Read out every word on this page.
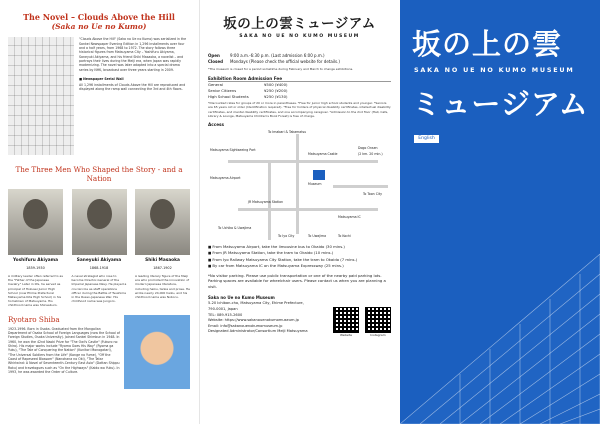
The Novel – Clouds Above the Hill
(Saka no Ue no Kumo)
"Clouds Above the Hill" (Saka no Ue no Kumo) was serialized in the Sankei Newspaper Evening Edition in 1,296 installments over four and a half years, from 1968 to 1972. The story follows three historical figures from Matsuyama City – Yoshifuru Akiyama, Saneyuki Akiyama, and his friend Shiki Masaoka, a novelist – and portrays their lives during the Meiji era, when Japan was rapidly modernizing. The novel was later adapted into a special drama series by NHK, broadcast over three years starting in 2009.
■ Newspaper Serial Wall
All 1,296 installments of Clouds Above the Hill are reproduced and displayed along the ramp wall connecting the 3rd and 4th floors.
The Three Men Who Shaped the Story - and a Nation
Yoshifuru Akiyama
1859-1930
Saneyuki Akiyama
1868-1918
Shiki Masaoka
1867-1902
A military leader often referred to as the "Father of the Japanese Cavalry." Later in life, he served as principal of Hokusei Junior High School (now Ehime Prefectural Matsuyama Kita High School) in his hometown of Matsuyama. His childhood name was Shinsaburo.
A naval strategist who rose to become Director-General of the Imperial Japanese Navy. He played a crucial role as staff operations officer during the Battle of Tsushima in the Russo-Japanese War. His childhood name was Jungoro.
A leading literary figure of the Meiji era who promoted the innovation of modern Japanese literature, including haiku, tanka and prose. He wrote nearly 24,000 haiku, and his childhood name was Noboru.
Ryotaro Shiba
1923-1996. Born in Osaka. Graduated from the Mongolian Department of Osaka School of Foreign Languages (now the School of Foreign Studies, Osaka University). Joined Sankei Shimbun in 1948. In 1960, he won the 42nd Naoki Prize for "The Owl's Castle" (Fukuro no Shiro). His major works include "Ryoma Goes His Way" (Ryoma ga Yuku), "The Tale of Conquering the Nation" (Kunitori Monogatari), "The Universal Soldiers from the Life" (Konge no Yume), "Off the Coast of Rapeseed Blossom" (Nanohana no Oki), "The Tatar Whirlwind: A Novel of Seventeenth-Century East Asia" (Dattan Shippu Roku) and travelogues such as "On the Highways" (Kaido wo Yuku). In 1993, he was awarded the Order of Culture.
坂の上の雲ミュージアム
SAKA NO UE NO KUMO MUSEUM
Open	9:00 a.m.-6:30 p.m. (Last admission 6:00 p.m.)
Closed Mondays (Please check the official website for details.)
*The museum is closed for a period sometime during February and March to change exhibitions.
Exhibition Room Admission Fee
General	¥500 (¥400)
Senior Citizens	¥250 (¥200)
High School Students	¥250 (¥130)
*Discounted rates for groups of 20 or more in parentheses. *Free for junior high school students and younger. *Seniors are 65 years old or older (Identification required). *Free for holders of physical disability certificates, intellectual disability certificates, and mental disability certificates, and one accompanying caregiver. *Admission to the 2nd floor (Hall, Cafe, Library & Lounge, Matsuyama Children's Book Forest) is free of charge.
Access
Museum
To Imabari & Takamatsu
Matsuyama Sightseeing Port
Matsuyama Castle
Dogo Onsen
(2 km. 20 min.)
Matsuyama Airport
JR Matsuyama Station
Matsuyama IC
To Toon City
To Uchiko & Uwajima
To Iyo City	To Uwajima	To Kochi
■ From Matsuyama Airport, take the limousine bus to Okaido (30 mins.)
■ From JR Matsuyama Station, take the tram to Okaido (10 mins.)
■ From Iyo Railway Matsuyama City Station, take the tram to Okaido (7 mins.)
■ By car from Matsuyama IC on the Matsuyama Expressway (25 mins.)
*No visitor parking. Please use public transportation or one of the nearby paid parking lots. Parking spaces are available for wheelchair users. Please contact us when you are planning a visit.
Saka no Ue no Kumo Museum
5-20 Ichiban-cho, Matsuyama City, Ehime Prefecture,
790-0001, Japan
TEL: 089-915-2600
Website: https://www.sakanouenokumomuseum.jp
Email: info@sakanouenokumomuseum.jp
Designated Administrator/Consortium Meiji Matsuyama
Website	Instagram
坂の上の雲
SAKA NO UE NO KUMO MUSEUM
ミュージアム
English
